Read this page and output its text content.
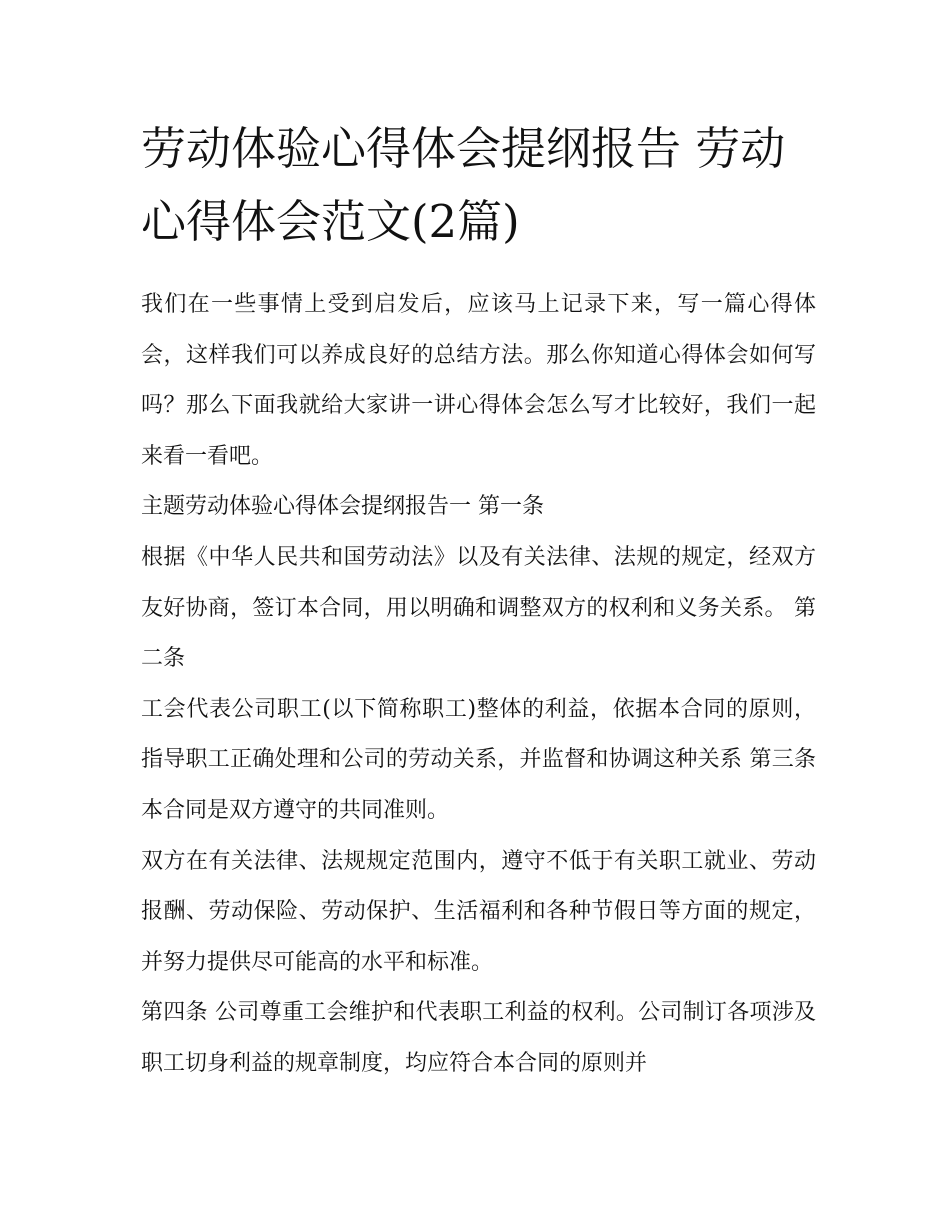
劳动体验心得体会提纲报告 劳动心得体会范文(2篇)

我们在一些事情上受到启发后，应该马上记录下来，写一篇心得体会，这样我们可以养成良好的总结方法。那么你知道心得体会如何写吗？那么下面我就给大家讲一讲心得体会怎么写才比较好，我们一起来看一看吧。

主题劳动体验心得体会提纲报告一 第一条

根据《中华人民共和国劳动法》以及有关法律、法规的规定，经双方友好协商，签订本合同，用以明确和调整双方的权利和义务关系。 第二条

工会代表公司职工(以下简称职工)整体的利益，依据本合同的原则，指导职工正确处理和公司的劳动关系，并监督和协调这种关系 第三条 本合同是双方遵守的共同准则。

双方在有关法律、法规规定范围内，遵守不低于有关职工就业、劳动报酬、劳动保险、劳动保护、生活福利和各种节假日等方面的规定，并努力提供尽可能高的水平和标准。

第四条 公司尊重工会维护和代表职工利益的权利。公司制订各项涉及职工切身利益的规章制度，均应符合本合同的原则并
